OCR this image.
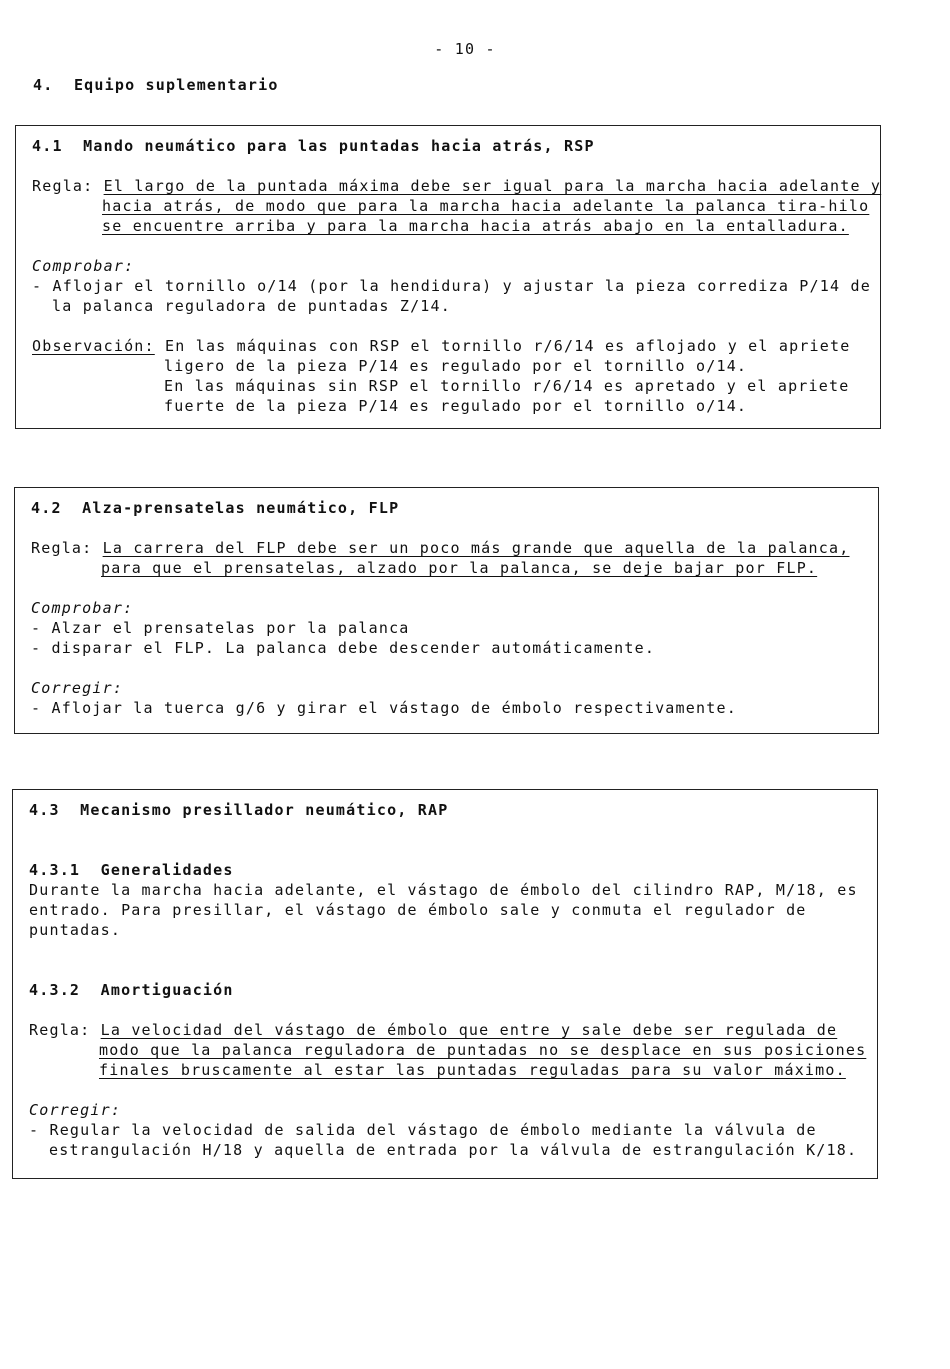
- 10 -
4. Equipo suplementario
4.1  Mando neumático para las puntadas hacia atrás, RSP
Regla: El largo de la puntada máxima debe ser igual para la marcha hacia adelante y
hacia atrás, de modo que para la marcha hacia adelante la palanca tira-hilo
se encuentre arriba y para la marcha hacia atrás abajo en la entalladura.
Comprobar:
- Aflojar el tornillo o/14 (por la hendidura) y ajustar la pieza corrediza P/14 de
la palanca reguladora de puntadas Z/14.
Observación: En las máquinas con RSP el tornillo r/6/14 es aflojado y el apriete
ligero de la pieza P/14 es regulado por el tornillo o/14.
En las máquinas sin RSP el tornillo r/6/14 es apretado y el apriete
fuerte de la pieza P/14 es regulado por el tornillo o/14.
4.2  Alza-prensatelas neumático, FLP
Regla: La carrera del FLP debe ser un poco más grande que aquella de la palanca,
para que el prensatelas, alzado por la palanca, se deje bajar por FLP.
Comprobar:
- Alzar el prensatelas por la palanca
- disparar el FLP. La palanca debe descender automáticamente.
Corregir:
- Aflojar la tuerca g/6 y girar el vástago de émbolo respectivamente.
4.3  Mecanismo presillador neumático, RAP
4.3.1  Generalidades
Durante la marcha hacia adelante, el vástago de émbolo del cilindro RAP, M/18, es
entrado. Para presillar, el vástago de émbolo sale y conmuta el regulador de
puntadas.
4.3.2  Amortiguación
Regla: La velocidad del vástago de émbolo que entre y sale debe ser regulada de
modo que la palanca reguladora de puntadas no se desplace en sus posiciones
finales bruscamente al estar las puntadas reguladas para su valor máximo.
Corregir:
- Regular la velocidad de salida del vástago de émbolo mediante la válvula de
estrangulación H/18 y aquella de entrada por la válvula de estrangulación K/18.
